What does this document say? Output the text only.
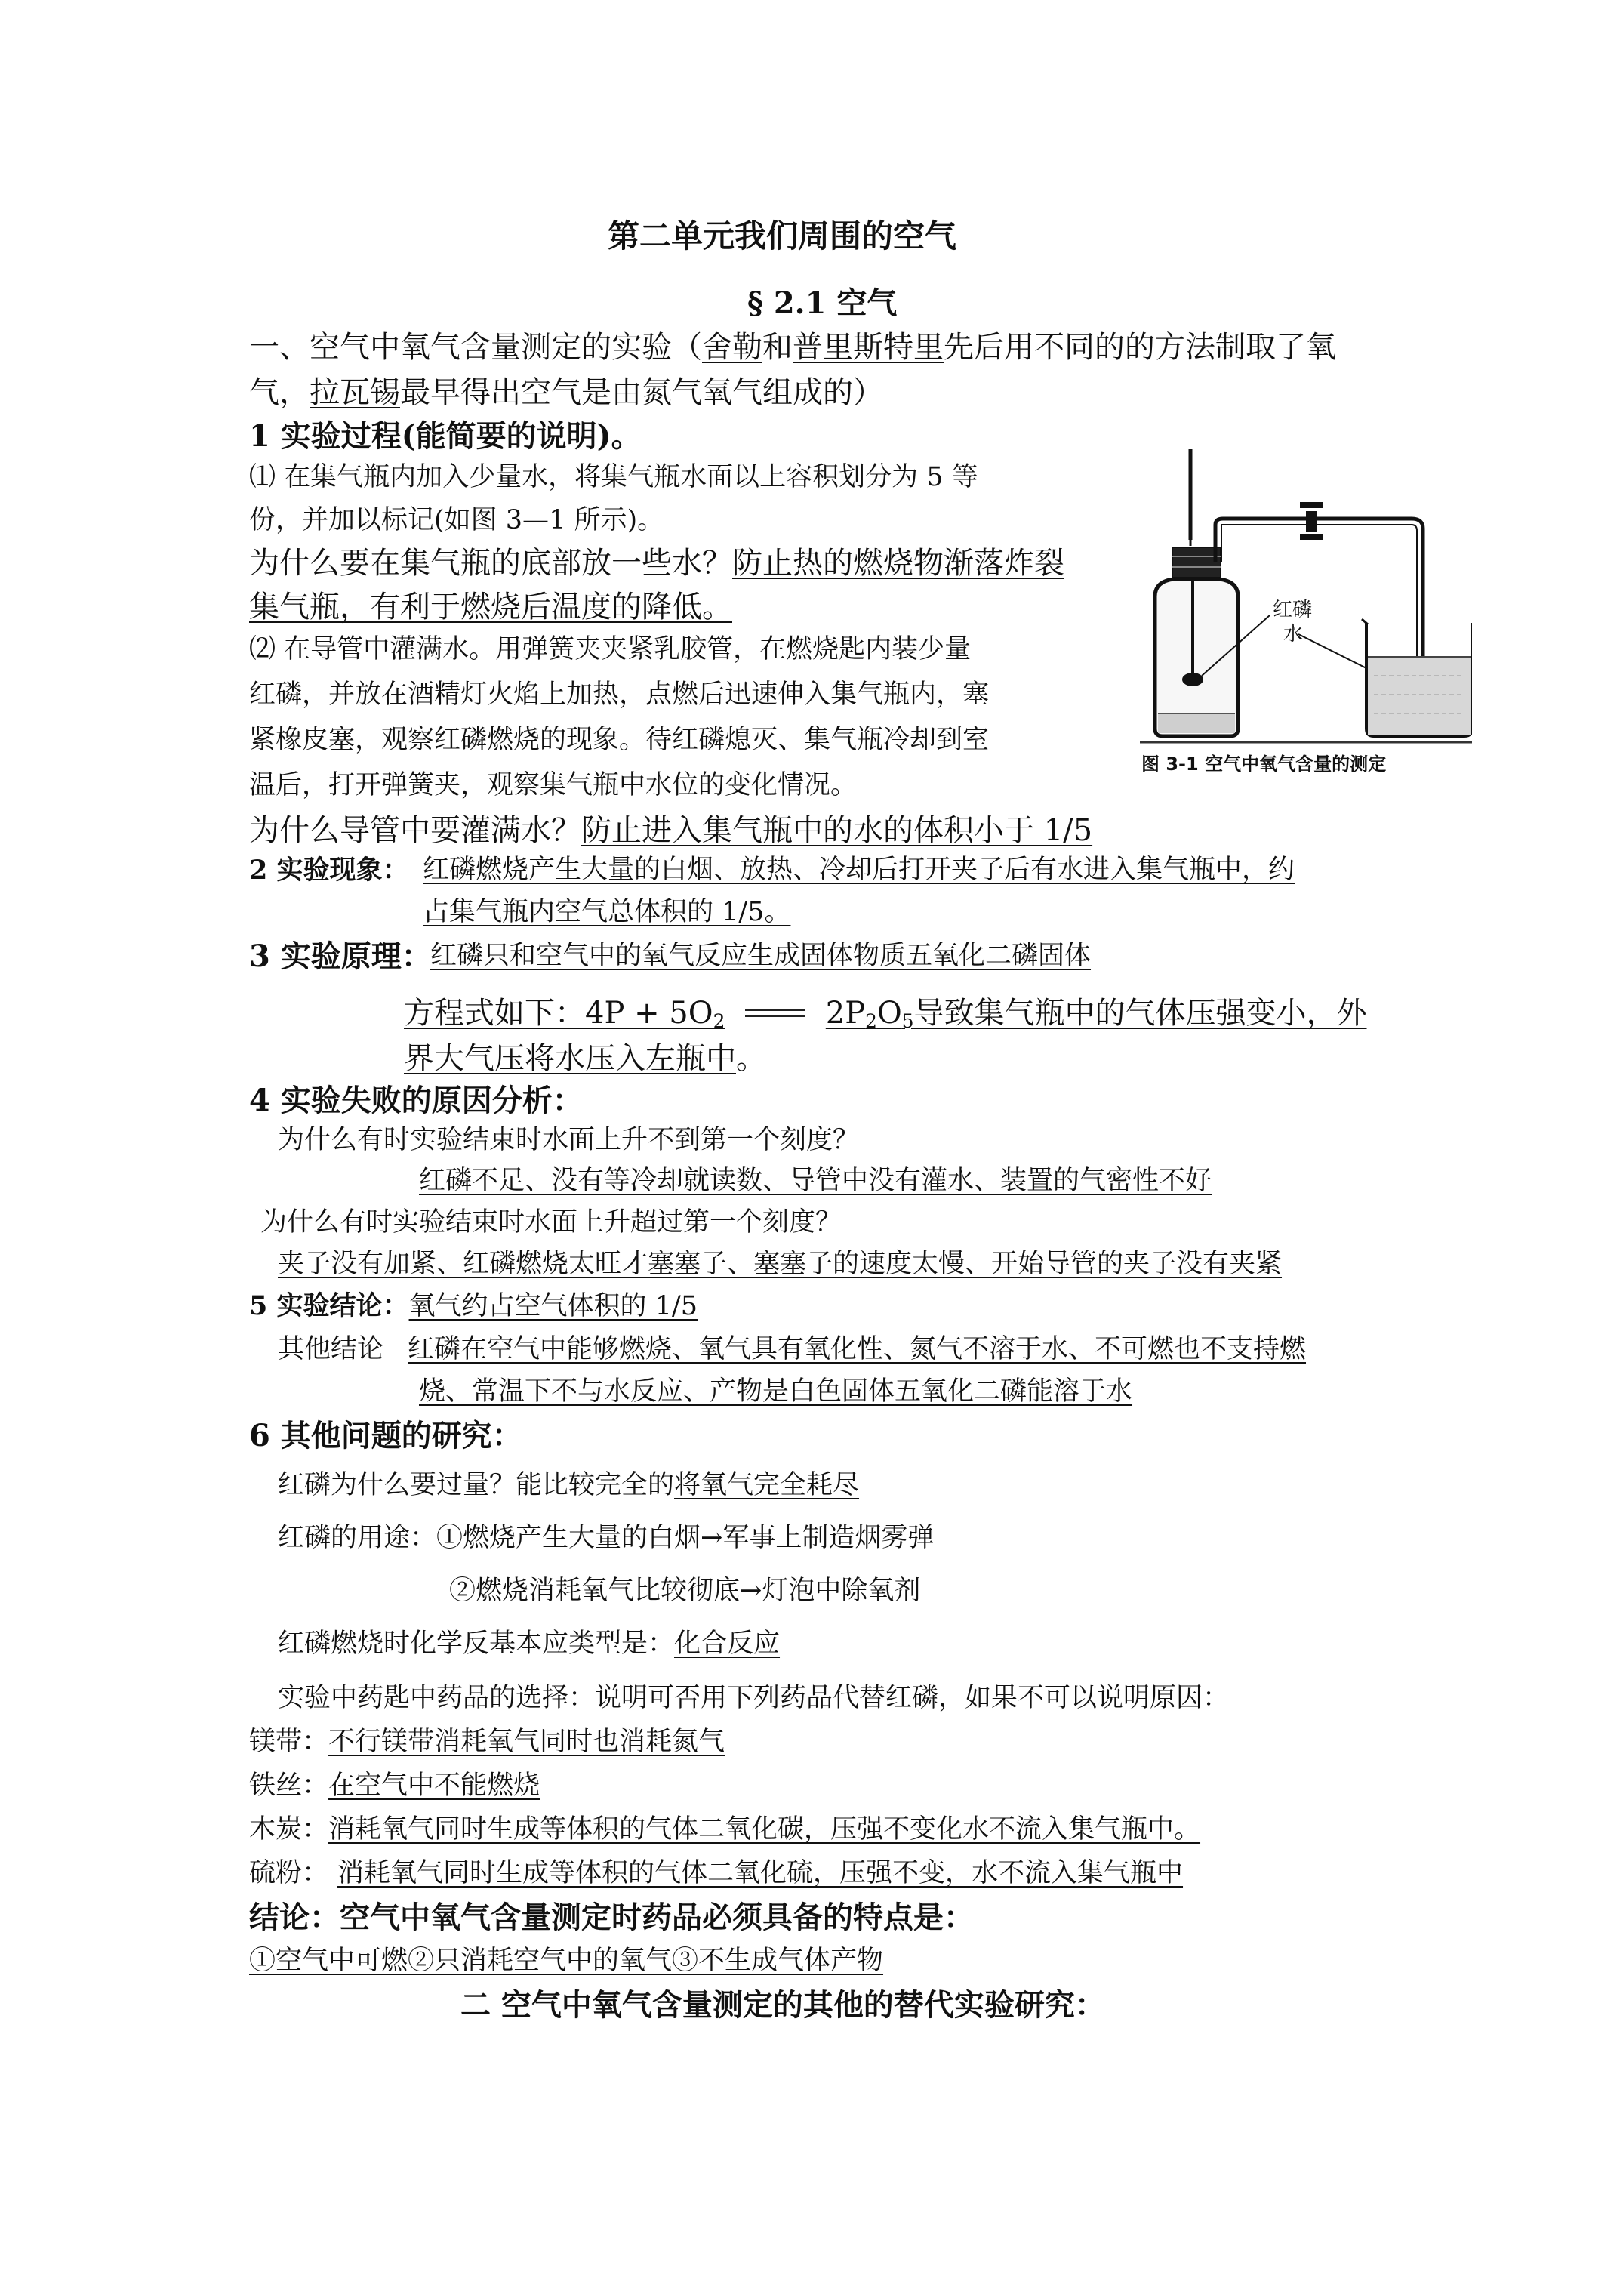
第二单元我们周围的空气
§ 2.1 空气
一、空气中氧气含量测定的实验（舍勒和普里斯特里先后用不同的的方法制取了氧
气，拉瓦锡最早得出空气是由氮气氧气组成的）
1 实验过程(能简要的说明)。
⑴ 在集气瓶内加入少量水，将集气瓶水面以上容积划分为 5 等
份，并加以标记(如图 3—1 所示)。
为什么要在集气瓶的底部放一些水？防止热的燃烧物渐落炸裂
集气瓶，有利于燃烧后温度的降低。
⑵ 在导管中灌满水。用弹簧夹夹紧乳胶管，在燃烧匙内装少量
红磷，并放在酒精灯火焰上加热，点燃后迅速伸入集气瓶内，塞
紧橡皮塞，观察红磷燃烧的现象。待红磷熄灭、集气瓶冷却到室
温后，打开弹簧夹，观察集气瓶中水位的变化情况。
为什么导管中要灌满水？防止进入集气瓶中的水的体积小于 1/5
红磷
水
图 3-1 空气中氧气含量的测定
2 实验现象： 红磷燃烧产生大量的白烟、放热、冷却后打开夹子后有水进入集气瓶中，约
占集气瓶内空气总体积的 1/5。
3 实验原理：
红磷只和空气中的氧气反应生成固体物质五氧化二磷固体
方程式如下：$4P + 5O_2$	$2P_2O_5$导致集气瓶中的气体压强变小，外
界大气压将水压入左瓶中。
4 实验失败的原因分析：
为什么有时实验结束时水面上升不到第一个刻度？
红磷不足、没有等冷却就读数、导管中没有灌水、装置的气密性不好
为什么有时实验结束时水面上升超过第一个刻度？
夹子没有加紧、红磷燃烧太旺才塞塞子、塞塞子的速度太慢、开始导管的夹子没有夹紧
5 实验结论：氧气约占空气体积的 1/5
其他结论 红磷在空气中能够燃烧、氧气具有氧化性、氮气不溶于水、不可燃也不支持燃
烧、常温下不与水反应、产物是白色固体五氧化二磷能溶于水
6 其他问题的研究：
红磷为什么要过量？能比较完全的将氧气完全耗尽
红磷的用途：①燃烧产生大量的白烟→军事上制造烟雾弹
②燃烧消耗氧气比较彻底→灯泡中除氧剂
红磷燃烧时化学反基本应类型是：化合反应
实验中药匙中药品的选择：说明可否用下列药品代替红磷，如果不可以说明原因：
镁带：不行镁带消耗氧气同时也消耗氮气
铁丝：在空气中不能燃烧
木炭：消耗氧气同时生成等体积的气体二氧化碳，压强不变化水不流入集气瓶中。
硫粉： 消耗氧气同时生成等体积的气体二氧化硫，压强不变，水不流入集气瓶中
结论：空气中氧气含量测定时药品必须具备的特点是：
①空气中可燃②只消耗空气中的氧气③不生成气体产物
二 空气中氧气含量测定的其他的替代实验研究：
